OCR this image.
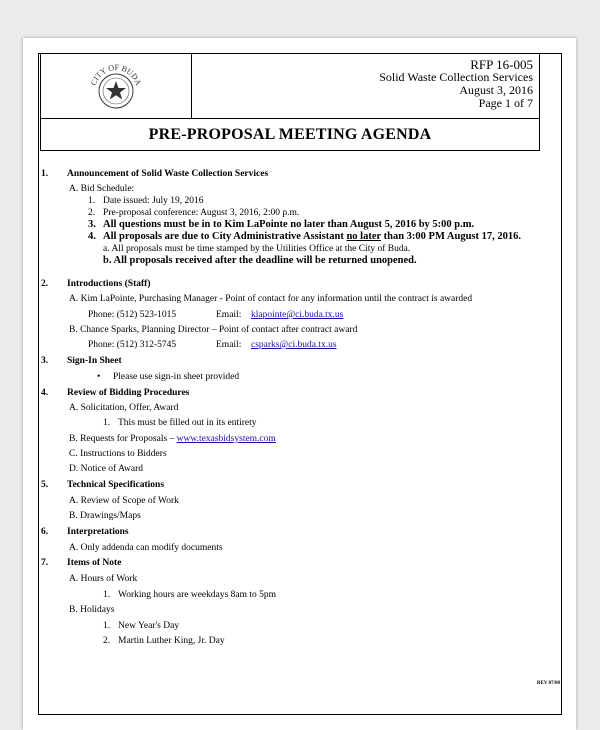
CITY OF BUDA
RFP 16-005
Solid Waste Collection Services
August 3, 2016
Page 1 of 7
PRE-PROPOSAL MEETING AGENDA
1. Announcement of Solid Waste Collection Services
A. Bid Schedule:
1. Date issued: July 19, 2016
2. Pre-proposal conference: August 3, 2016, 2:00 p.m.
3. All questions must be in to Kim LaPointe no later than August 5, 2016 by 5:00 p.m.
4. All proposals are due to City Administrative Assistant no later than 3:00 PM August 17, 2016.
a. All proposals must be time stamped by the Utilities Office at the City of Buda.
b. All proposals received after the deadline will be returned unopened.
2. Introductions (Staff)
A. Kim LaPointe, Purchasing Manager - Point of contact for any information until the contract is awarded
Phone: (512) 523-1015	Email: klapointe@ci.buda.tx.us
B. Chance Sparks, Planning Director – Point of contact after contract award
Phone: (512) 312-5745	Email: csparks@ci.buda.tx.us
3. Sign-In Sheet
• Please use sign-in sheet provided
4. Review of Bidding Procedures
A. Solicitation, Offer, Award
1. This must be filled out in its entirety
B. Requests for Proposals – www.texasbidsystem.com
C. Instructions to Bidders
D. Notice of Award
5. Technical Specifications
A. Review of Scope of Work
B. Drawings/Maps
6. Interpretations
A. Only addenda can modify documents
7. Items of Note
A. Hours of Work
1. Working hours are weekdays 8am to 5pm
B. Holidays
1. New Year's Day
2. Martin Luther King, Jr. Day
REV 07/08
